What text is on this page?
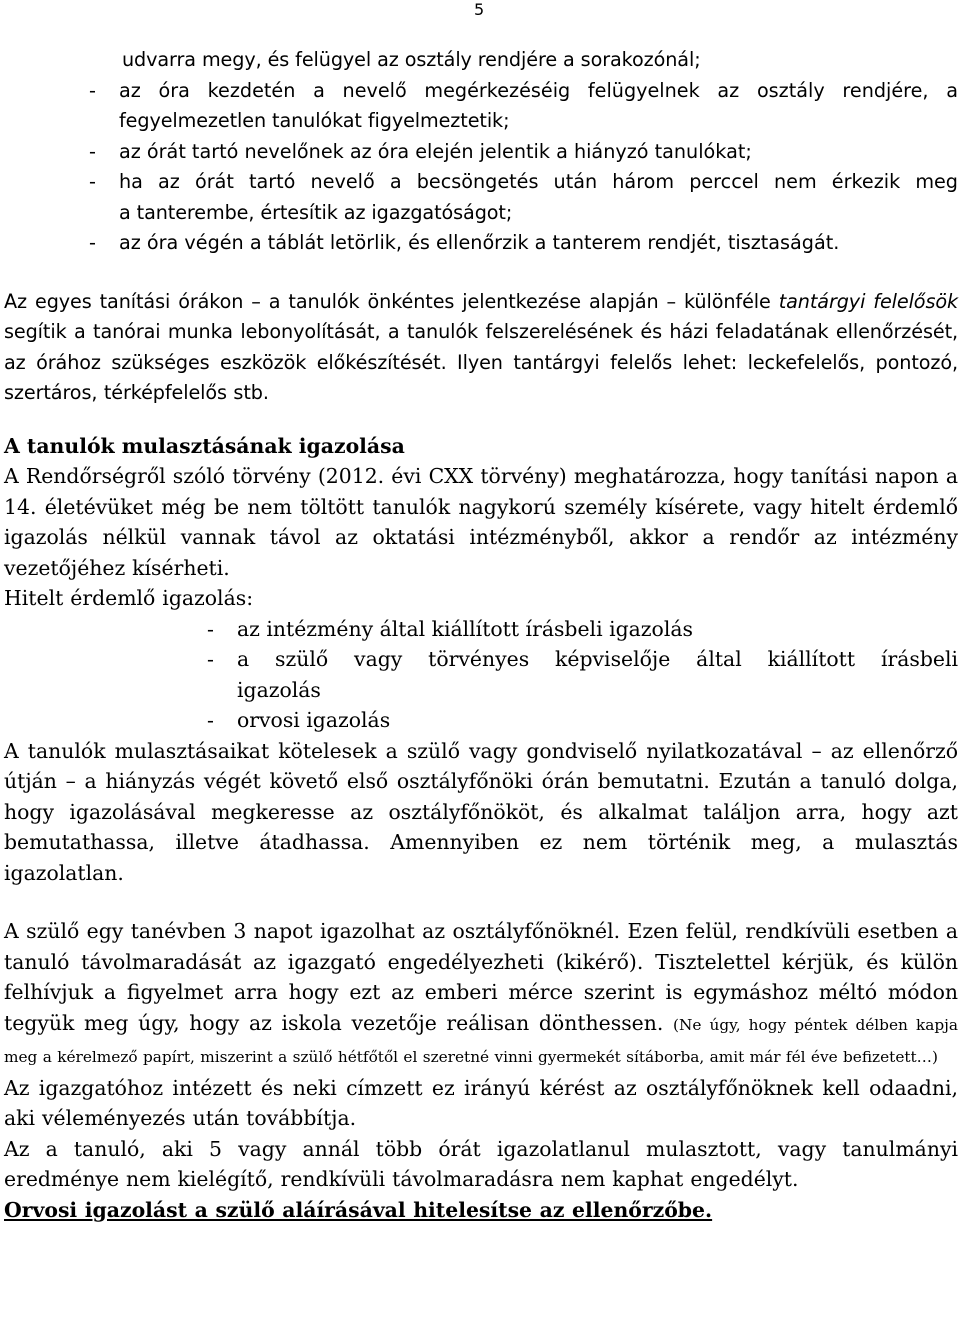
5
udvarra megy, és felügyel az osztály rendjére a sorakozónál;
-	az óra kezdetén a nevelő megérkezéséig felügyelnek az osztály rendjére, a
fegyelmezetlen tanulókat figyelmeztetik;
-	az órát tartó nevelőnek az óra elején jelentik a hiányzó tanulókat;
-	ha az órát tartó nevelő a becsöngetés után három perccel nem érkezik meg
a tanterembe, értesítik az igazgatóságot;
-	az óra végén a táblát letörlik, és ellenőrzik a tanterem rendjét, tisztaságát.

Az egyes tanítási órákon – a tanulók önkéntes jelentkezése alapján – különféle tantárgyi felelősök segítik a tanórai munka lebonyolítását, a tanulók felszerelésének és házi feladatának ellenőrzését, az órához szükséges eszközök előkészítését. Ilyen tantárgyi felelős lehet: leckefelelős, pontozó, szertáros, térképfelelős stb.

A tanulók mulasztásának igazolása

A Rendőrségről szóló törvény (2012. évi CXX törvény) meghatározza, hogy tanítási napon a 14. életévüket még be nem töltött tanulók nagykorú személy kísérete, vagy hitelt érdemlő igazolás nélkül vannak távol az oktatási intézményből, akkor a rendőr az intézmény vezetőjéhez kísérheti.

Hitelt érdemlő igazolás:

-	az intézmény által kiállított írásbeli igazolás
-	a szülő vagy törvényes képviselője által kiállított írásbeli
igazolás
-	orvosi igazolás

A tanulók mulasztásaikat kötelesek a szülő vagy gondviselő nyilatkozatával – az ellenőrző útján – a hiányzás végét követő első osztályfőnöki órán bemutatni. Ezután a tanuló dolga, hogy igazolásával megkeresse az osztályfőnököt, és alkalmat találjon arra, hogy azt bemutathassa, illetve átadhassa. Amennyiben ez nem történik meg, a mulasztás igazolatlan.

A szülő egy tanévben 3 napot igazolhat az osztályfőnöknél. Ezen felül, rendkívüli esetben a tanuló távolmaradását az igazgató engedélyezheti (kikérő). Tisztelettel kérjük, és külön felhívjuk a figyelmet arra hogy ezt az emberi mérce szerint is egymáshoz méltó módon tegyük meg úgy, hogy az iskola vezetője reálisan dönthessen. (Ne úgy, hogy péntek délben kapja meg a kérelmező papírt, miszerint a szülő hétfőtől el szeretné vinni gyermekét sítáborba, amit már fél éve befizetett…)

Az igazgatóhoz intézett és neki címzett ez irányú kérést az osztályfőnöknek kell odaadni, aki véleményezés után továbbítja.

Az a tanuló, aki 5 vagy annál több órát igazolatlanul mulasztott, vagy tanulmányi eredménye nem kielégítő, rendkívüli távolmaradásra nem kaphat engedélyt.

Orvosi igazolást a szülő aláírásával hitelesítse az ellenőrzőbe.
